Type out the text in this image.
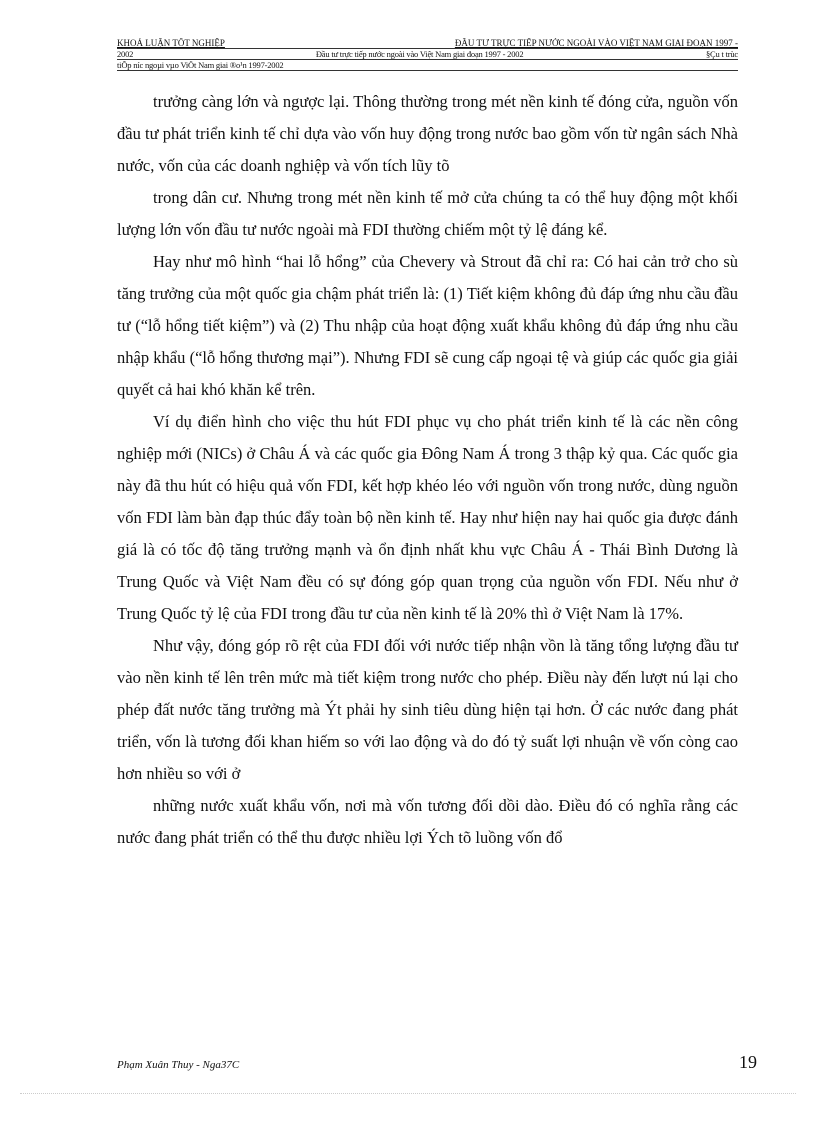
KHOÁ LUẬN TỐT NGHIỆP	ĐẦU TƯ TRỰC TIẾP NƯỚC NGOÀI VÀO VIỆT NAM GIAI ĐOẠN 1997 -
2002	Đầu tư trực tiếp nước ngoài vào Việt Nam giai đoạn 1997 - 2002	§Çu t trùc
tiÕp níc ngoµi vµo ViÖt Nam giai ®o¹n 1997-2002

trưởng càng lớn và ngược lại. Thông thường trong mét nền kinh tế đóng cửa, nguồn vốn đầu tư phát triển kinh tế chỉ dựa vào vốn huy động trong nước bao gồm vốn từ ngân sách Nhà nước, vốn của các doanh nghiệp và vốn tích lũy tõ

trong dân cư. Nhưng trong mét nền kinh tế mở cửa chúng ta có thể huy động một khối lượng lớn vốn đầu tư nước ngoài mà FDI thường chiếm một tỷ lệ đáng kể.

Hay như mô hình “hai lỗ hổng” của Chevery và Strout đã chỉ ra: Có hai cản trở cho sù tăng trưởng của một quốc gia chậm phát triển là: (1) Tiết kiệm không đủ đáp ứng nhu cầu đầu tư (“lỗ hổng tiết kiệm”) và (2) Thu nhập của hoạt động xuất khẩu không đủ đáp ứng nhu cầu nhập khẩu (“lỗ hổng thương mại”). Nhưng FDI sẽ cung cấp ngoại tệ và giúp các quốc gia giải quyết cả hai khó khăn kể trên.

Ví dụ điển hình cho việc thu hút FDI phục vụ cho phát triển kinh tế là các nền công nghiệp mới (NICs) ở Châu Á và các quốc gia Đông Nam Á trong 3 thập kỷ qua. Các quốc gia này đã thu hút có hiệu quả vốn FDI, kết hợp khéo léo với nguồn vốn trong nước, dùng nguồn vốn FDI làm bàn đạp thúc đẩy toàn bộ nền kinh tế. Hay như hiện nay hai quốc gia được đánh giá là có tốc độ tăng trưởng mạnh và ổn định nhất khu vực Châu Á - Thái Bình Dương là Trung Quốc và Việt Nam đều có sự đóng góp quan trọng của nguồn vốn FDI. Nếu như ở Trung Quốc tỷ lệ của FDI trong đầu tư của nền kinh tế là 20% thì ở Việt Nam là 17%.

Như vậy, đóng góp rõ rệt của FDI đối với nước tiếp nhận vồn là tăng tổng lượng đầu tư vào nền kinh tế lên trên mức mà tiết kiệm trong nước cho phép. Điều này đến lượt nú lại cho phép đất nước tăng trưởng mà Ýt phải hy sinh tiêu dùng hiện tại hơn. Ở các nước đang phát triển, vốn là tương đối khan hiếm so với lao động và do đó tỷ suất lợi nhuận về vốn còng cao hơn nhiều so với ở

những nước xuất khẩu vốn, nơi mà vốn tương đối dồi dào. Điều đó có nghĩa rằng các nước đang phát triển có thể thu được nhiều lợi Ých tõ luồng vốn đổ

Phạm Xuân Thuy - Nga37C	19
